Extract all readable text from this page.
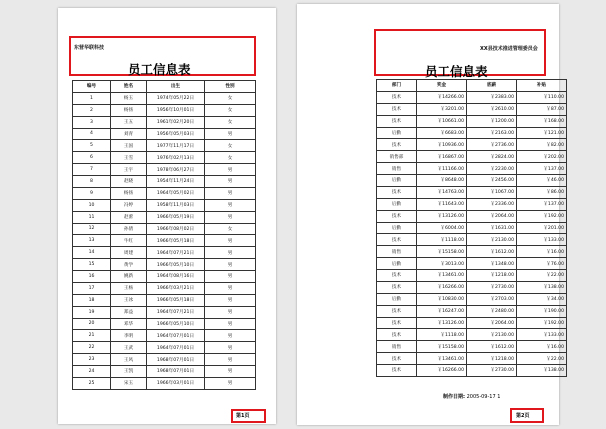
东营华联科技
员工信息表
编号	姓名	出生	性别
1	杨玉	1974年05月22日	女
2	杨扬	1956年10月01日	女
3	王五	1961年02月20日	女
4	刘青	1956年05月03日	男
5	王国	1977年11月17日	女
6	王雪	1976年02月13日	女
7	王宇	1978年06月27日	男
8	赵晓	1954年11月24日	男
9	杨扬	1964年05月02日	男
10	冯婷	1958年11月03日	男
11	赵蕾	1966年05月19日	男
12	孙倩	1966年08月02日	女
13	牛红	1966年05月18日	男
14	周建	1964年07月21日	男
15	黄学	1966年05月10日	男
16	姚新	1964年08月16日	男
17	王杨	1966年03月21日	男
18	王冰	1966年05月18日	男
19	郑益	1964年07月21日	男
20	邓华	1966年05月10日	男
21	李明	1964年07月01日	男
22	王武	1964年07月01日	男
23	王风	1968年07月01日	男
24	王凯	1968年07月01日	男
25	宋玉	1966年03月01日	男
第1页
XX县技术推进管理委员会
员工信息表
部门	奖金	底薪	补贴
技术	￥14266.00	￥2383.00	￥110.00
技术	￥3201.00	￥2610.00	￥87.00
技术	￥10661.00	￥1200.00	￥168.00
后勤	￥6683.00	￥2163.00	￥121.00
技术	￥10936.00	￥2736.00	￥82.00
销售部	￥16867.00	￥2824.00	￥202.00
销售	￥11166.00	￥2230.00	￥137.00
后勤	￥8648.00	￥2456.00	￥46.00
技术	￥14763.00	￥1067.00	￥86.00
后勤	￥11643.00	￥2336.00	￥137.00
技术	￥13126.00	￥2064.00	￥192.00
后勤	￥6004.00	￥1631.00	￥201.00
技术	￥1118.00	￥2130.00	￥133.00
销售	￥15158.00	￥1612.00	￥16.00
后勤	￥3013.00	￥1348.00	￥76.00
技术	￥13461.00	￥1218.00	￥22.00
技术	￥16266.00	￥2730.00	￥138.00
后勤	￥10830.00	￥2703.00	￥34.00
技术	￥16247.00	￥2480.00	￥190.00
技术	￥13126.00	￥2064.00	￥192.00
技术	￥1118.00	￥2130.00	￥133.00
销售	￥15158.00	￥1612.00	￥16.00
技术	￥13461.00	￥1218.00	￥22.00
技术	￥16266.00	￥2730.00	￥138.00
制作日期: 2005-09-17 1
第2页
